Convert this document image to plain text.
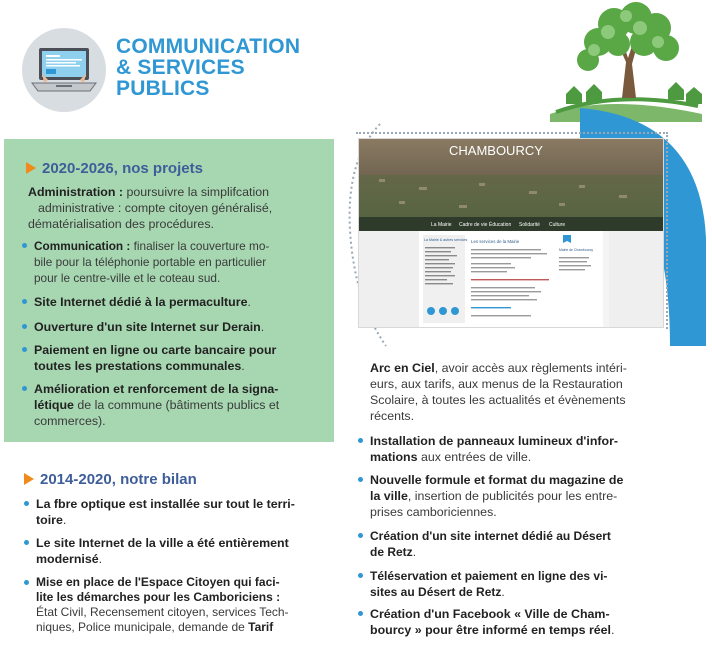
COMMUNICATION
& SERVICES
PUBLICS
2020-2026, nos projets
Administration : poursuivre la simplifcation
administrative : compte citoyen généralisé,
dématérialisation des procédures.
Communication : finaliser la couverture mo-
bile pour la téléphonie portable en particulier
pour le centre-ville et le coteau sud.
Site Internet dédié à la permaculture.
Ouverture d'un site Internet sur Derain.
Paiement en ligne ou carte bancaire pour
toutes les prestations communales.
Amélioration et renforcement de la signa-
létique de la commune (bâtiments publics et
commerces).
2014-2020, notre bilan
La fbre optique est installée sur tout le terri-
toire.
Le site Internet de la ville a été entièrement
modernisé.
Mise en place de l'Espace Citoyen qui faci-
lite les démarches pour les Camboriciens :
État Civil, Recensement citoyen, services Tech-
niques, Police municipale, demande de Tarif
CHAMBOURCY
La Mairie Cadre de vie Éducation Solidarité Culture
La Mairie & autres services Les services de la Mairie
Mairie de Chambourcy
Arc en Ciel, avoir accès aux règlements intéri-
eurs, aux tarifs, aux menus de la Restauration
Scolaire, à toutes les actualités et évènements
récents.
Installation de panneaux lumineux d'infor-
mations aux entrées de ville.
Nouvelle formule et format du magazine de
la ville, insertion de publicités pour les entre-
prises camboriciennes.
Création d'un site internet dédié au Désert
de Retz.
Téléservation et paiement en ligne des vi-
sites au Désert de Retz.
Création d'un Facebook « Ville de Cham-
bourcy » pour être informé en temps réel.
